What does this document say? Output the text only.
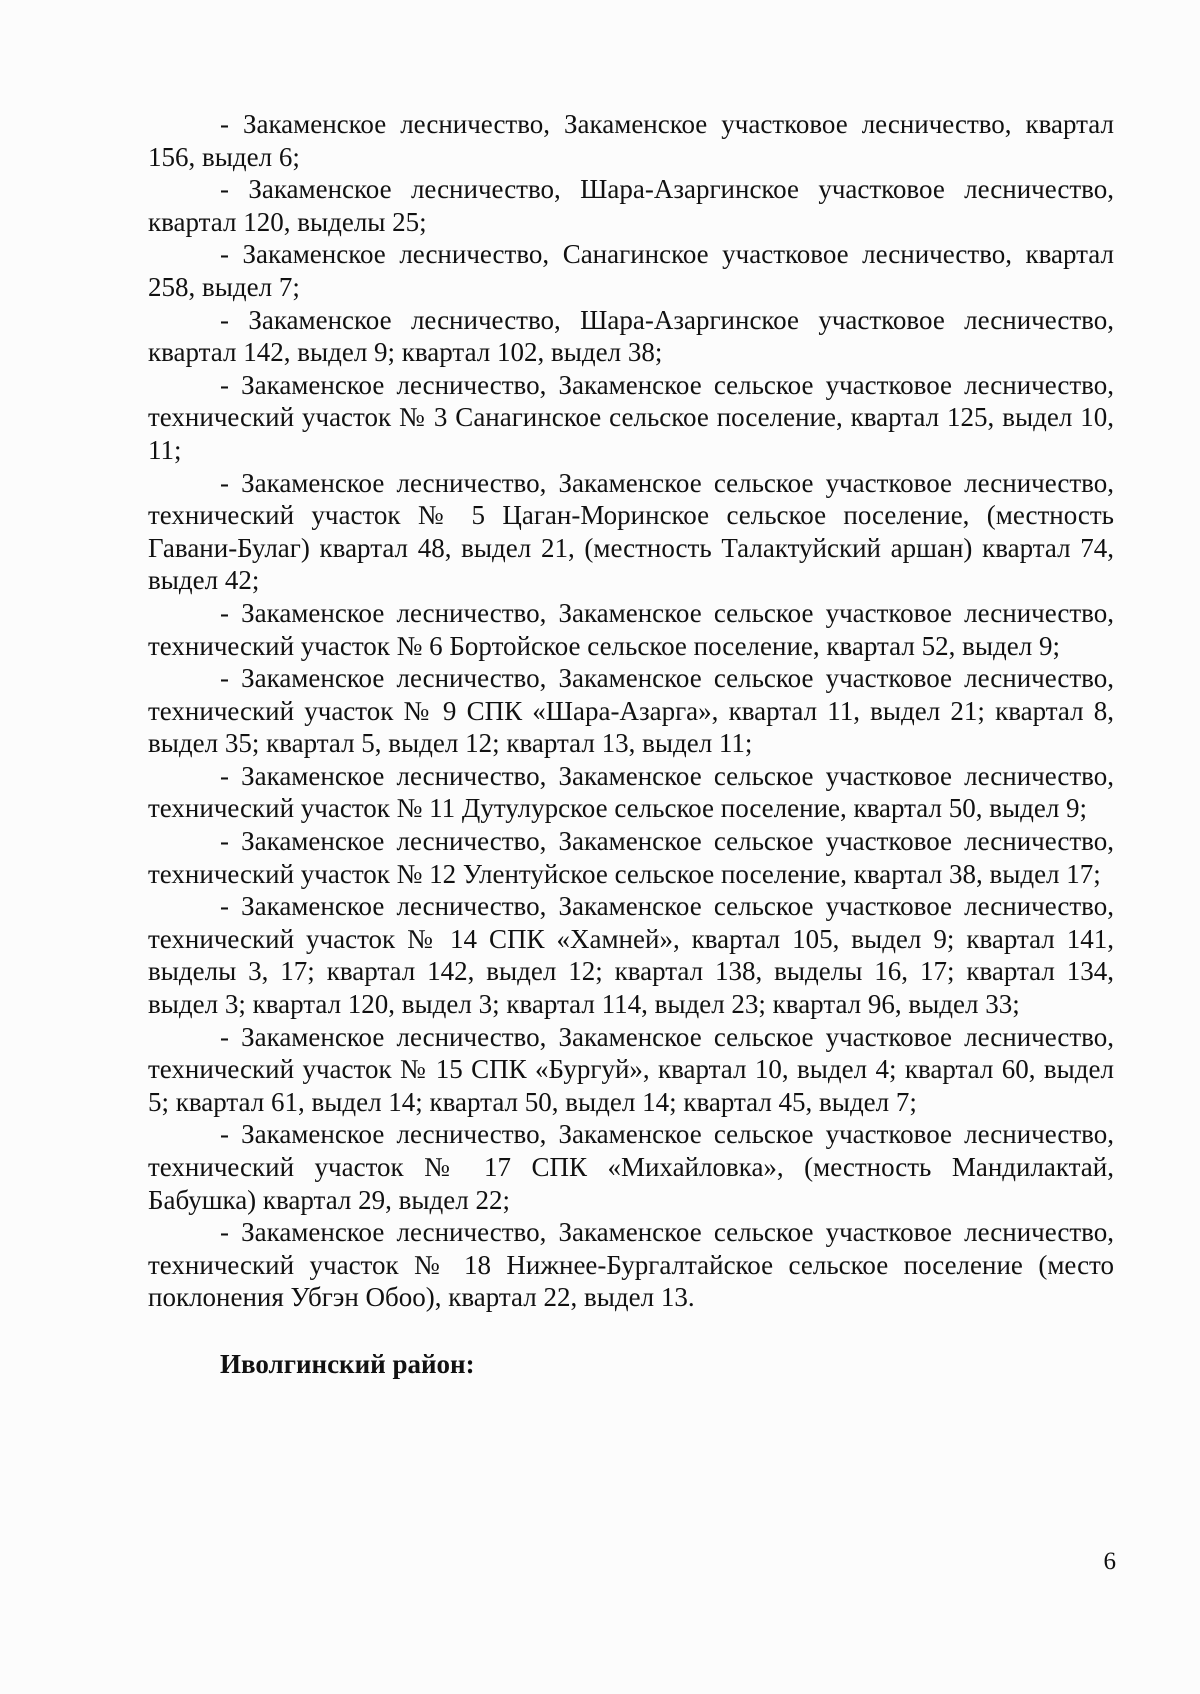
- Закаменское лесничество, Закаменское участковое лесничество, квартал 156, выдел 6;

- Закаменское лесничество, Шара-Азаргинское участковое лесничество, квартал 120, выделы 25;

- Закаменское лесничество, Санагинское участковое лесничество, квартал 258, выдел 7;

- Закаменское лесничество, Шара-Азаргинское участковое лесничество, квартал 142, выдел 9; квартал 102, выдел 38;

- Закаменское лесничество, Закаменское сельское участковое лесничество, технический участок № 3 Санагинское сельское поселение, квартал 125, выдел 10, 11;

- Закаменское лесничество, Закаменское сельское участковое лесничество, технический участок № 5 Цаган-Моринское сельское поселение, (местность Гавани-Булаг) квартал 48, выдел 21, (местность Талактуйский аршан) квартал 74, выдел 42;

- Закаменское лесничество, Закаменское сельское участковое лесничество, технический участок № 6 Бортойское сельское поселение, квартал 52, выдел 9;

- Закаменское лесничество, Закаменское сельское участковое лесничество, технический участок № 9 СПК «Шара-Азарга», квартал 11, выдел 21; квартал 8, выдел 35; квартал 5, выдел 12; квартал 13, выдел 11;

- Закаменское лесничество, Закаменское сельское участковое лесничество, технический участок № 11 Дутулурское сельское поселение, квартал 50, выдел 9;

- Закаменское лесничество, Закаменское сельское участковое лесничество, технический участок № 12 Улентуйское сельское поселение, квартал 38, выдел 17;

- Закаменское лесничество, Закаменское сельское участковое лесничество, технический участок № 14 СПК «Хамней», квартал 105, выдел 9; квартал 141, выделы 3, 17; квартал 142, выдел 12; квартал 138, выделы 16, 17; квартал 134, выдел 3; квартал 120, выдел 3; квартал 114, выдел 23; квартал 96, выдел 33;

- Закаменское лесничество, Закаменское сельское участковое лесничество, технический участок № 15 СПК «Бургуй», квартал 10, выдел 4; квартал 60, выдел 5; квартал 61, выдел 14; квартал 50, выдел 14; квартал 45, выдел 7;

- Закаменское лесничество, Закаменское сельское участковое лесничество, технический участок № 17 СПК «Михайловка», (местность Мандилактай, Бабушка) квартал 29, выдел 22;

- Закаменское лесничество, Закаменское сельское участковое лесничество, технический участок № 18 Нижнее-Бургалтайское сельское поселение (место поклонения Убгэн Обоо), квартал 22, выдел 13.

Иволгинский район:

6
